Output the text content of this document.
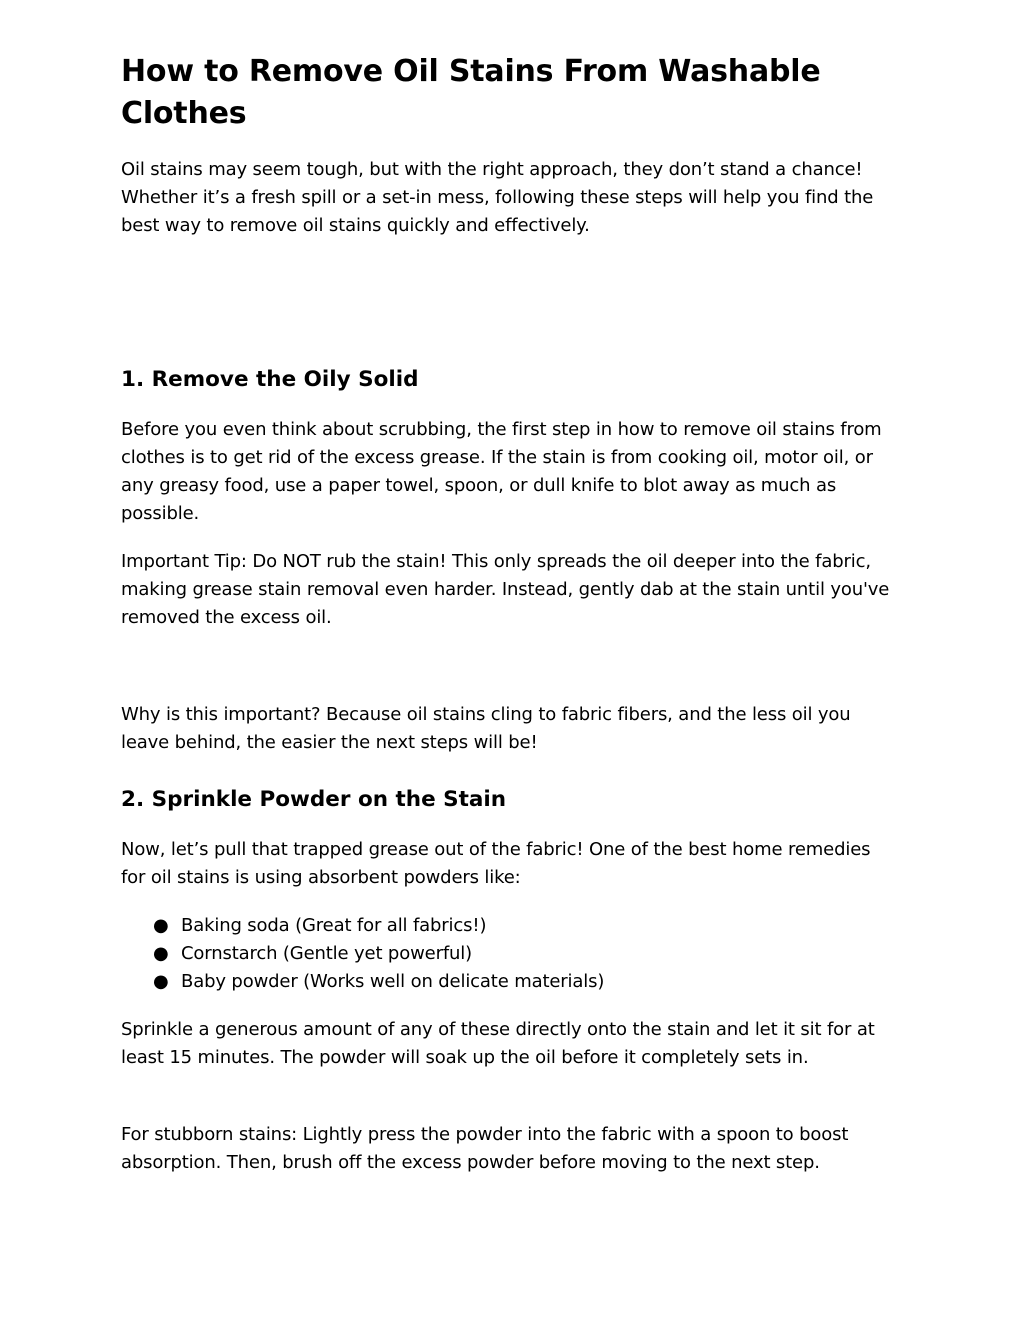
How to Remove Oil Stains From Washable Clothes

Oil stains may seem tough, but with the right approach, they don’t stand a chance! Whether it’s a fresh spill or a set-in mess, following these steps will help you find the best way to remove oil stains quickly and effectively.

1. Remove the Oily Solid

Before you even think about scrubbing, the first step in how to remove oil stains from clothes is to get rid of the excess grease. If the stain is from cooking oil, motor oil, or any greasy food, use a paper towel, spoon, or dull knife to blot away as much as possible.

Important Tip: Do NOT rub the stain! This only spreads the oil deeper into the fabric, making grease stain removal even harder. Instead, gently dab at the stain until you've removed the excess oil.

Why is this important? Because oil stains cling to fabric fibers, and the less oil you leave behind, the easier the next steps will be!

2. Sprinkle Powder on the Stain

Now, let’s pull that trapped grease out of the fabric! One of the best home remedies for oil stains is using absorbent powders like:

● Baking soda (Great for all fabrics!)
● Cornstarch (Gentle yet powerful)
● Baby powder (Works well on delicate materials)

Sprinkle a generous amount of any of these directly onto the stain and let it sit for at least 15 minutes. The powder will soak up the oil before it completely sets in.

For stubborn stains: Lightly press the powder into the fabric with a spoon to boost absorption. Then, brush off the excess powder before moving to the next step.
